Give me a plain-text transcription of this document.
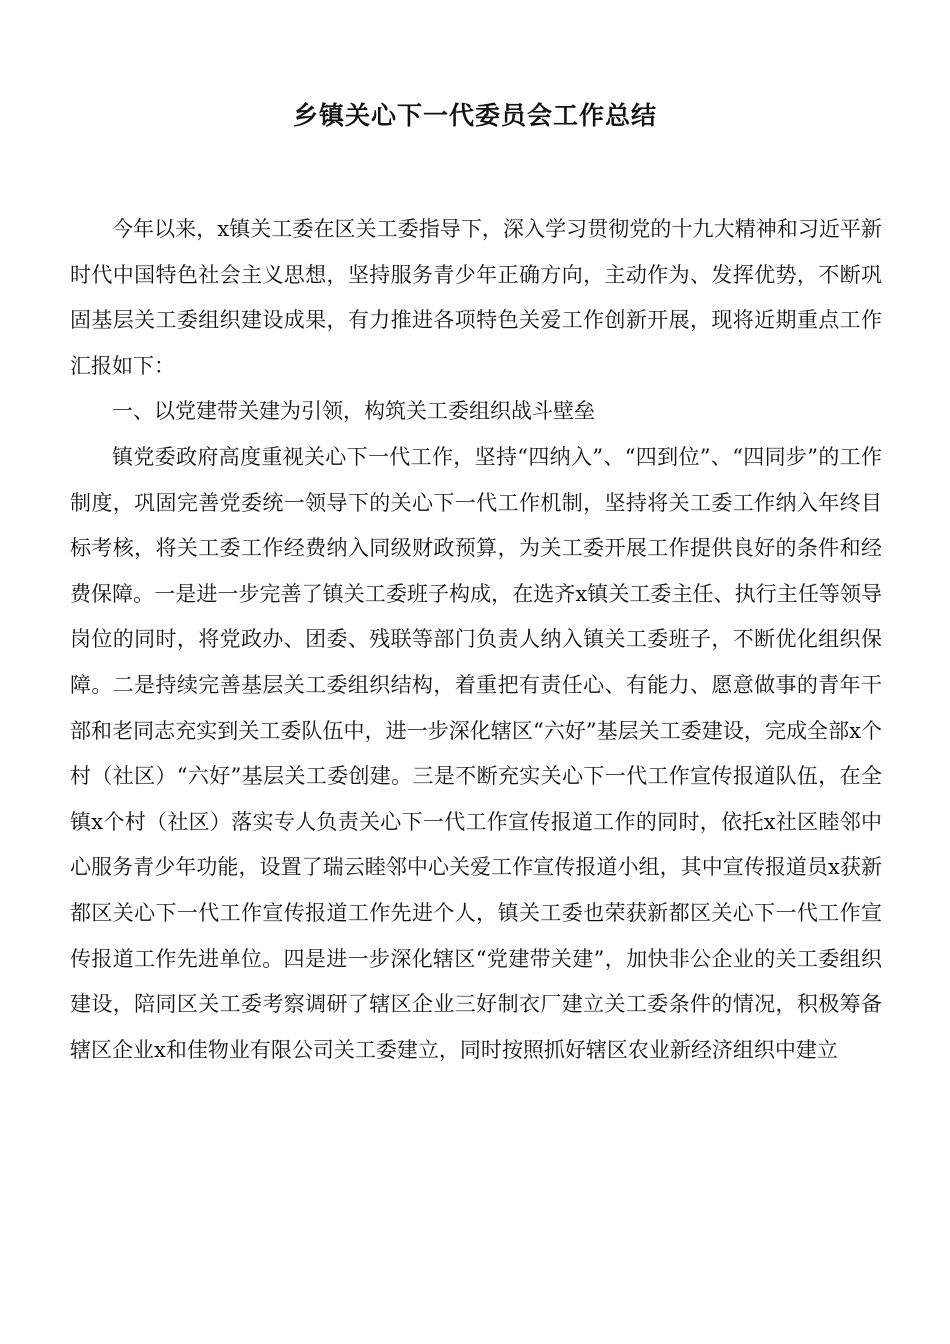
乡镇关心下一代委员会工作总结

今年以来，x镇关工委在区关工委指导下，深入学习贯彻党的十九大精神和习近平新时代中国特色社会主义思想，坚持服务青少年正确方向，主动作为、发挥优势，不断巩固基层关工委组织建设成果，有力推进各项特色关爱工作创新开展，现将近期重点工作汇报如下：

一、以党建带关建为引领，构筑关工委组织战斗壁垒

镇党委政府高度重视关心下一代工作，坚持“四纳入”、“四到位”、“四同步”的工作制度，巩固完善党委统一领导下的关心下一代工作机制，坚持将关工委工作纳入年终目标考核，将关工委工作经费纳入同级财政预算，为关工委开展工作提供良好的条件和经费保障。一是进一步完善了镇关工委班子构成，在选齐x镇关工委主任、执行主任等领导岗位的同时，将党政办、团委、残联等部门负责人纳入镇关工委班子，不断优化组织保障。二是持续完善基层关工委组织结构，着重把有责任心、有能力、愿意做事的青年干部和老同志充实到关工委队伍中，进一步深化辖区“六好”基层关工委建设，完成全部x个村（社区）“六好”基层关工委创建。三是不断充实关心下一代工作宣传报道队伍，在全镇x个村（社区）落实专人负责关心下一代工作宣传报道工作的同时，依托x社区睦邻中心服务青少年功能，设置了瑞云睦邻中心关爱工作宣传报道小组，其中宣传报道员x获新都区关心下一代工作宣传报道工作先进个人，镇关工委也荣获新都区关心下一代工作宣传报道工作先进单位。四是进一步深化辖区“党建带关建”，加快非公企业的关工委组织建设，陪同区关工委考察调研了辖区企业三好制衣厂建立关工委条件的情况，积极筹备辖区企业x和佳物业有限公司关工委建立，同时按照抓好辖区农业新经济组织中建立
